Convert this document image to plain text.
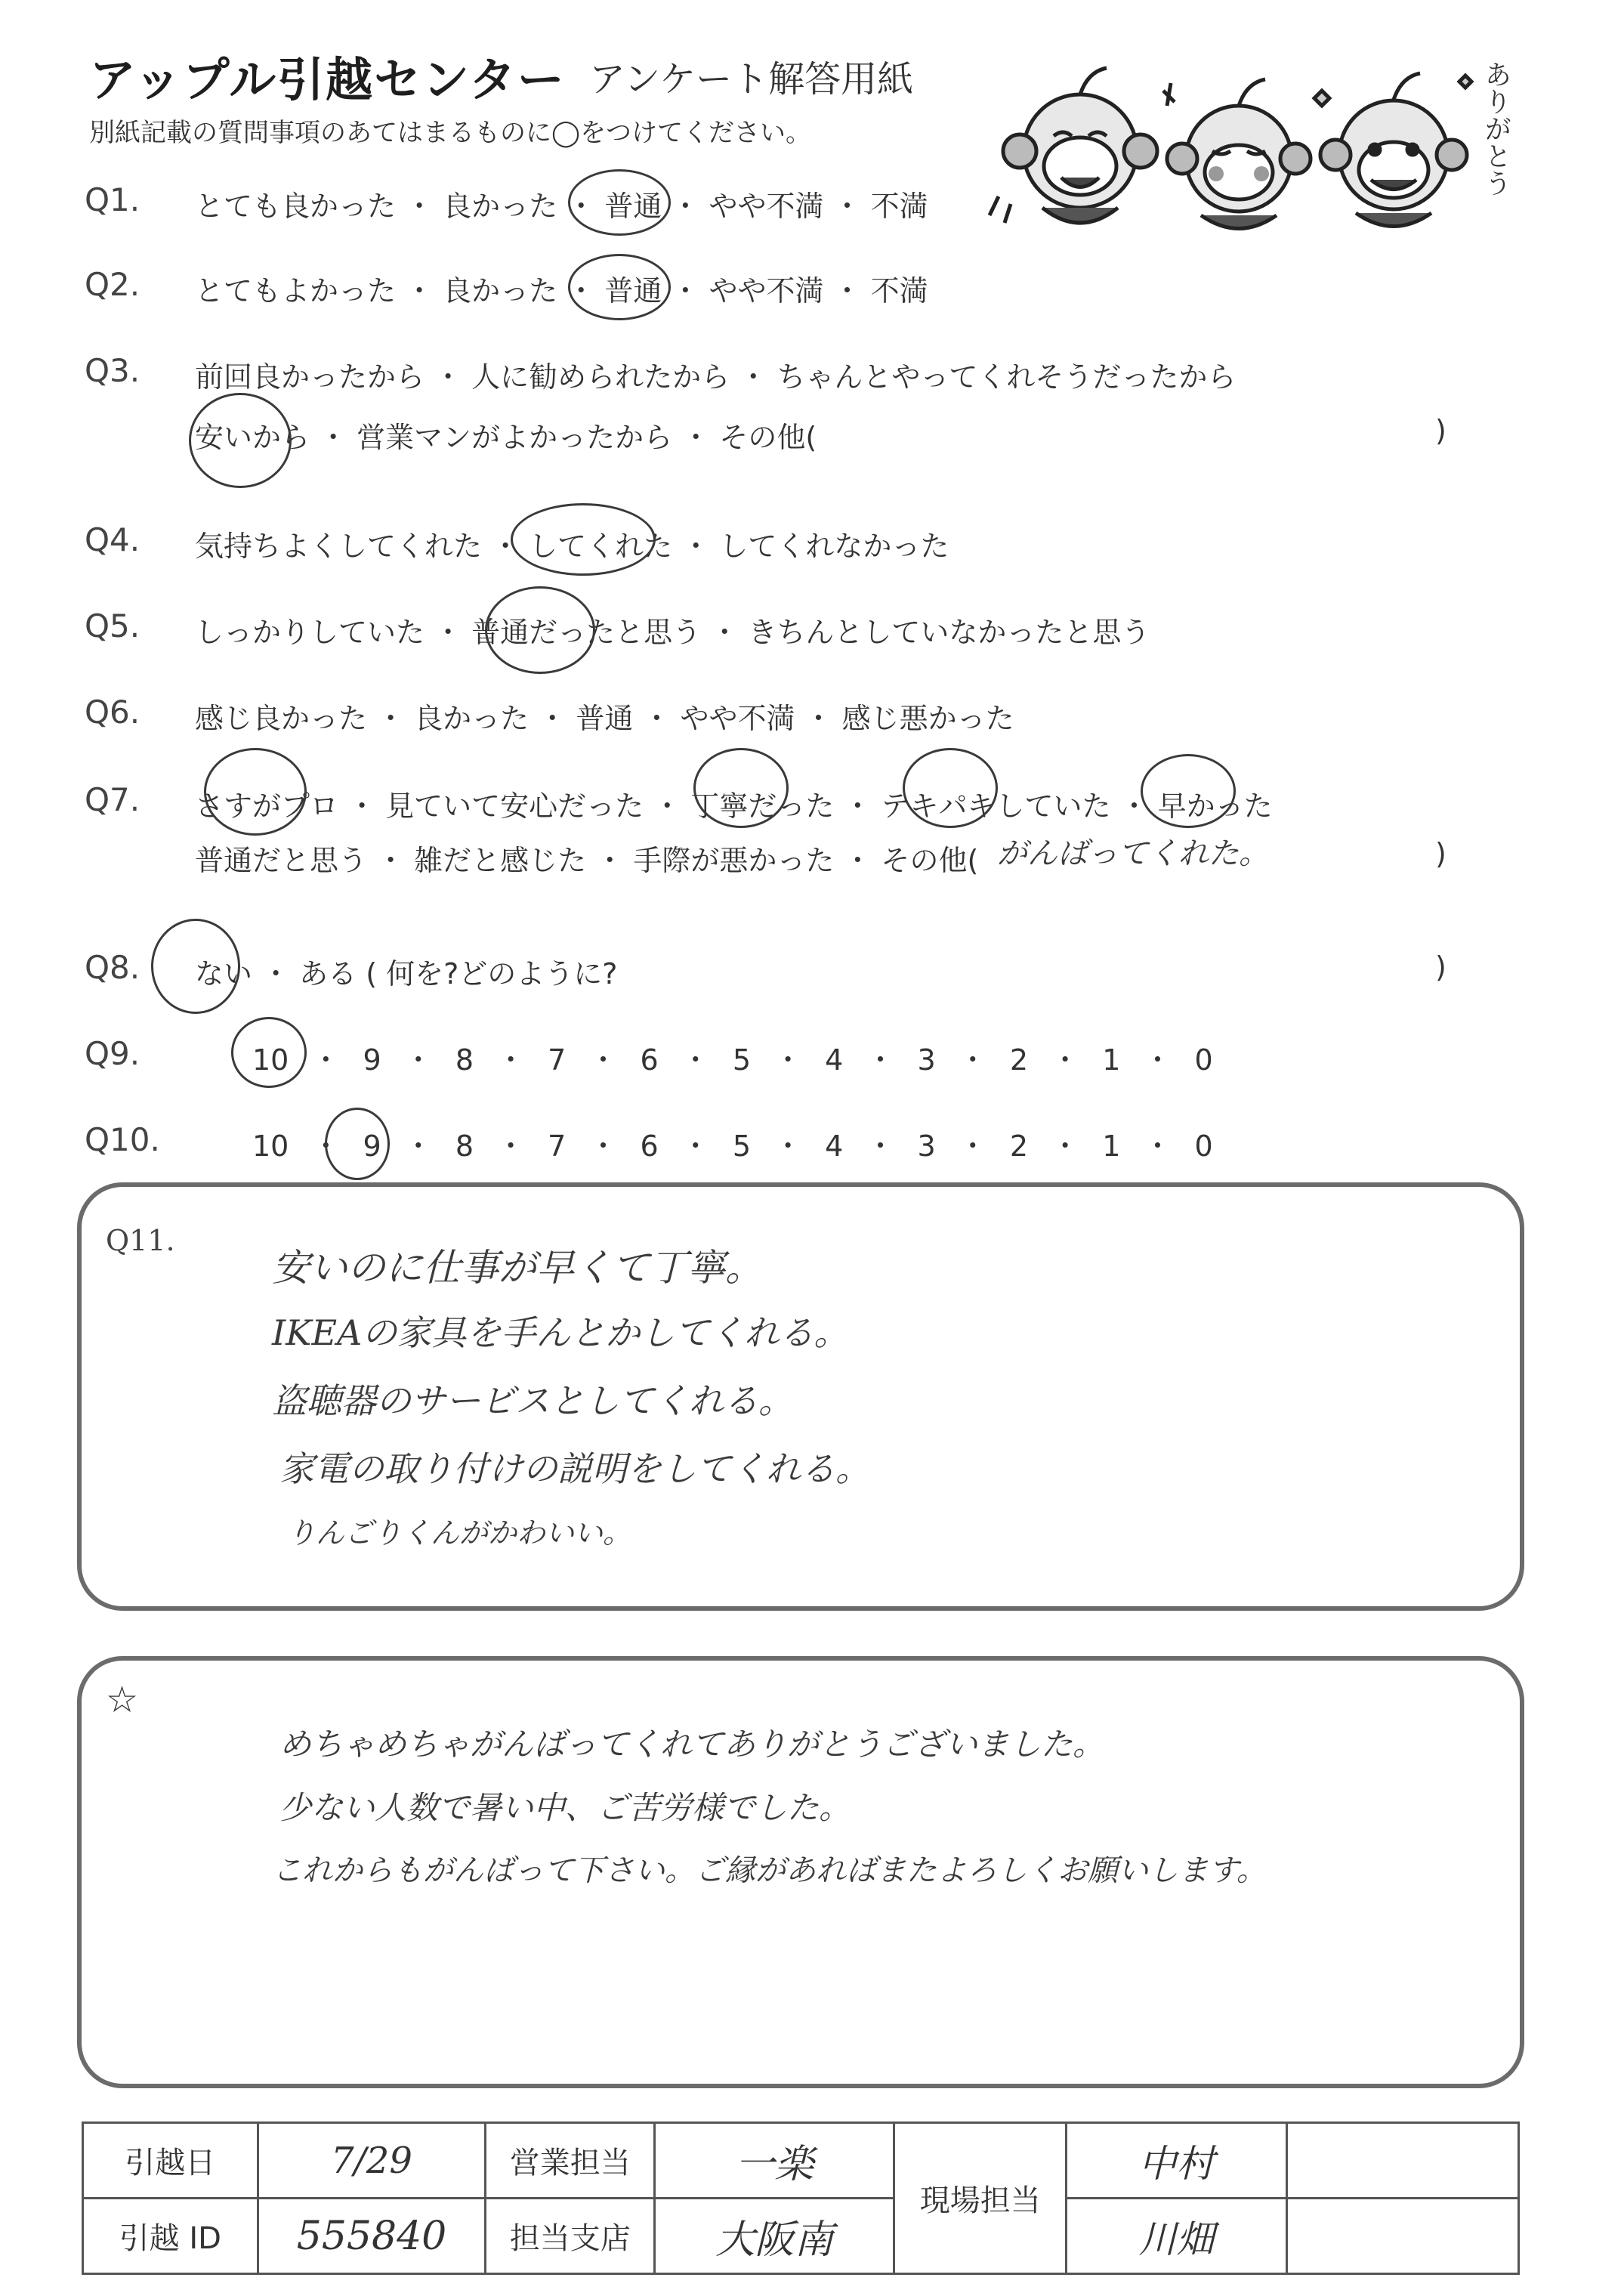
アップル引越センター アンケート解答用紙
別紙記載の質問事項のあてはまるものに◯をつけてください。	ありがとう
Q1. とても良かった ・ 良かった ・ 普通 ・ やや不満 ・ 不満
Q2. とてもよかった ・ 良かった ・ 普通 ・ やや不満 ・ 不満
Q3. 前回良かったから ・ 人に勧められたから ・ ちゃんとやってくれそうだったから
安いから ・ 営業マンがよかったから ・ その他(	)
Q4. 気持ちよくしてくれた ・ してくれた ・ してくれなかった
Q5. しっかりしていた ・ 普通だったと思う ・ きちんとしていなかったと思う
Q6. 感じ良かった ・ 良かった ・ 普通 ・ やや不満 ・ 感じ悪かった
Q7. さすがプロ ・ 見ていて安心だった ・ 丁寧だった ・ テキパキしていた ・ 早かった
普通だと思う ・ 雑だと感じた ・ 手際が悪かった ・ その他( がんばってくれた。	)
Q8. ない ・ ある ( 何を?どのように?	)
Q9.	10 ・ 9 ・ 8 ・ 7 ・ 6 ・ 5 ・ 4 ・ 3 ・ 2 ・ 1 ・ 0
Q10.	10 ・ 9 ・ 8 ・ 7 ・ 6 ・ 5 ・ 4 ・ 3 ・ 2 ・ 1 ・ 0
Q11.
安いのに仕事が早くて丁寧。
IKEAの家具を手んとかしてくれる。
盗聴器のサービスとしてくれる。
家電の取り付けの説明をしてくれる。
りんごりくんがかわいい。
☆
めちゃめちゃがんばってくれてありがとうございました。
少ない人数で暑い中、ご苦労様でした。
これからもがんばって下さい。ご縁があればまたよろしくお願いします。
引越日	7/29	営業担当	一楽	現場担当	中村	
引越 ID	555840	担当支店	大阪南		川畑	
